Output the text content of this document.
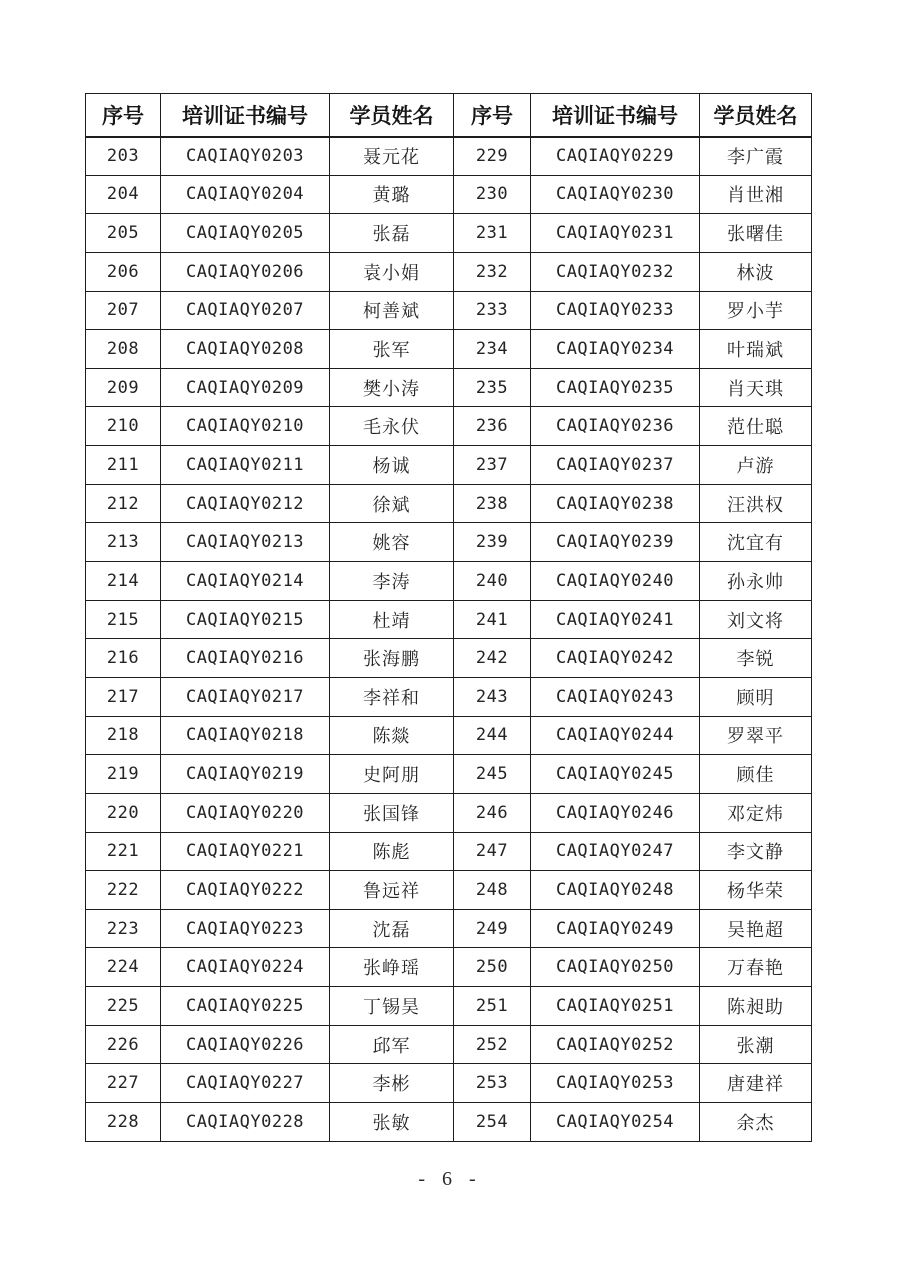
序号	培训证书编号	学员姓名	序号	培训证书编号	学员姓名
203	CAQIAQY0203	聂元花	229	CAQIAQY0229	李广霞
204	CAQIAQY0204	黄璐	230	CAQIAQY0230	肖世湘
205	CAQIAQY0205	张磊	231	CAQIAQY0231	张曙佳
206	CAQIAQY0206	袁小娟	232	CAQIAQY0232	林波
207	CAQIAQY0207	柯善斌	233	CAQIAQY0233	罗小芋
208	CAQIAQY0208	张军	234	CAQIAQY0234	叶瑞斌
209	CAQIAQY0209	樊小涛	235	CAQIAQY0235	肖天琪
210	CAQIAQY0210	毛永伏	236	CAQIAQY0236	范仕聪
211	CAQIAQY0211	杨诚	237	CAQIAQY0237	卢游
212	CAQIAQY0212	徐斌	238	CAQIAQY0238	汪洪权
213	CAQIAQY0213	姚容	239	CAQIAQY0239	沈宜有
214	CAQIAQY0214	李涛	240	CAQIAQY0240	孙永帅
215	CAQIAQY0215	杜靖	241	CAQIAQY0241	刘文将
216	CAQIAQY0216	张海鹏	242	CAQIAQY0242	李锐
217	CAQIAQY0217	李祥和	243	CAQIAQY0243	顾明
218	CAQIAQY0218	陈燚	244	CAQIAQY0244	罗翠平
219	CAQIAQY0219	史阿朋	245	CAQIAQY0245	顾佳
220	CAQIAQY0220	张国锋	246	CAQIAQY0246	邓定炜
221	CAQIAQY0221	陈彪	247	CAQIAQY0247	李文静
222	CAQIAQY0222	鲁远祥	248	CAQIAQY0248	杨华荣
223	CAQIAQY0223	沈磊	249	CAQIAQY0249	吴艳超
224	CAQIAQY0224	张峥瑶	250	CAQIAQY0250	万春艳
225	CAQIAQY0225	丁锡昊	251	CAQIAQY0251	陈昶助
226	CAQIAQY0226	邱军	252	CAQIAQY0252	张潮
227	CAQIAQY0227	李彬	253	CAQIAQY0253	唐建祥
228	CAQIAQY0228	张敏	254	CAQIAQY0254	余杰
- 6 -
